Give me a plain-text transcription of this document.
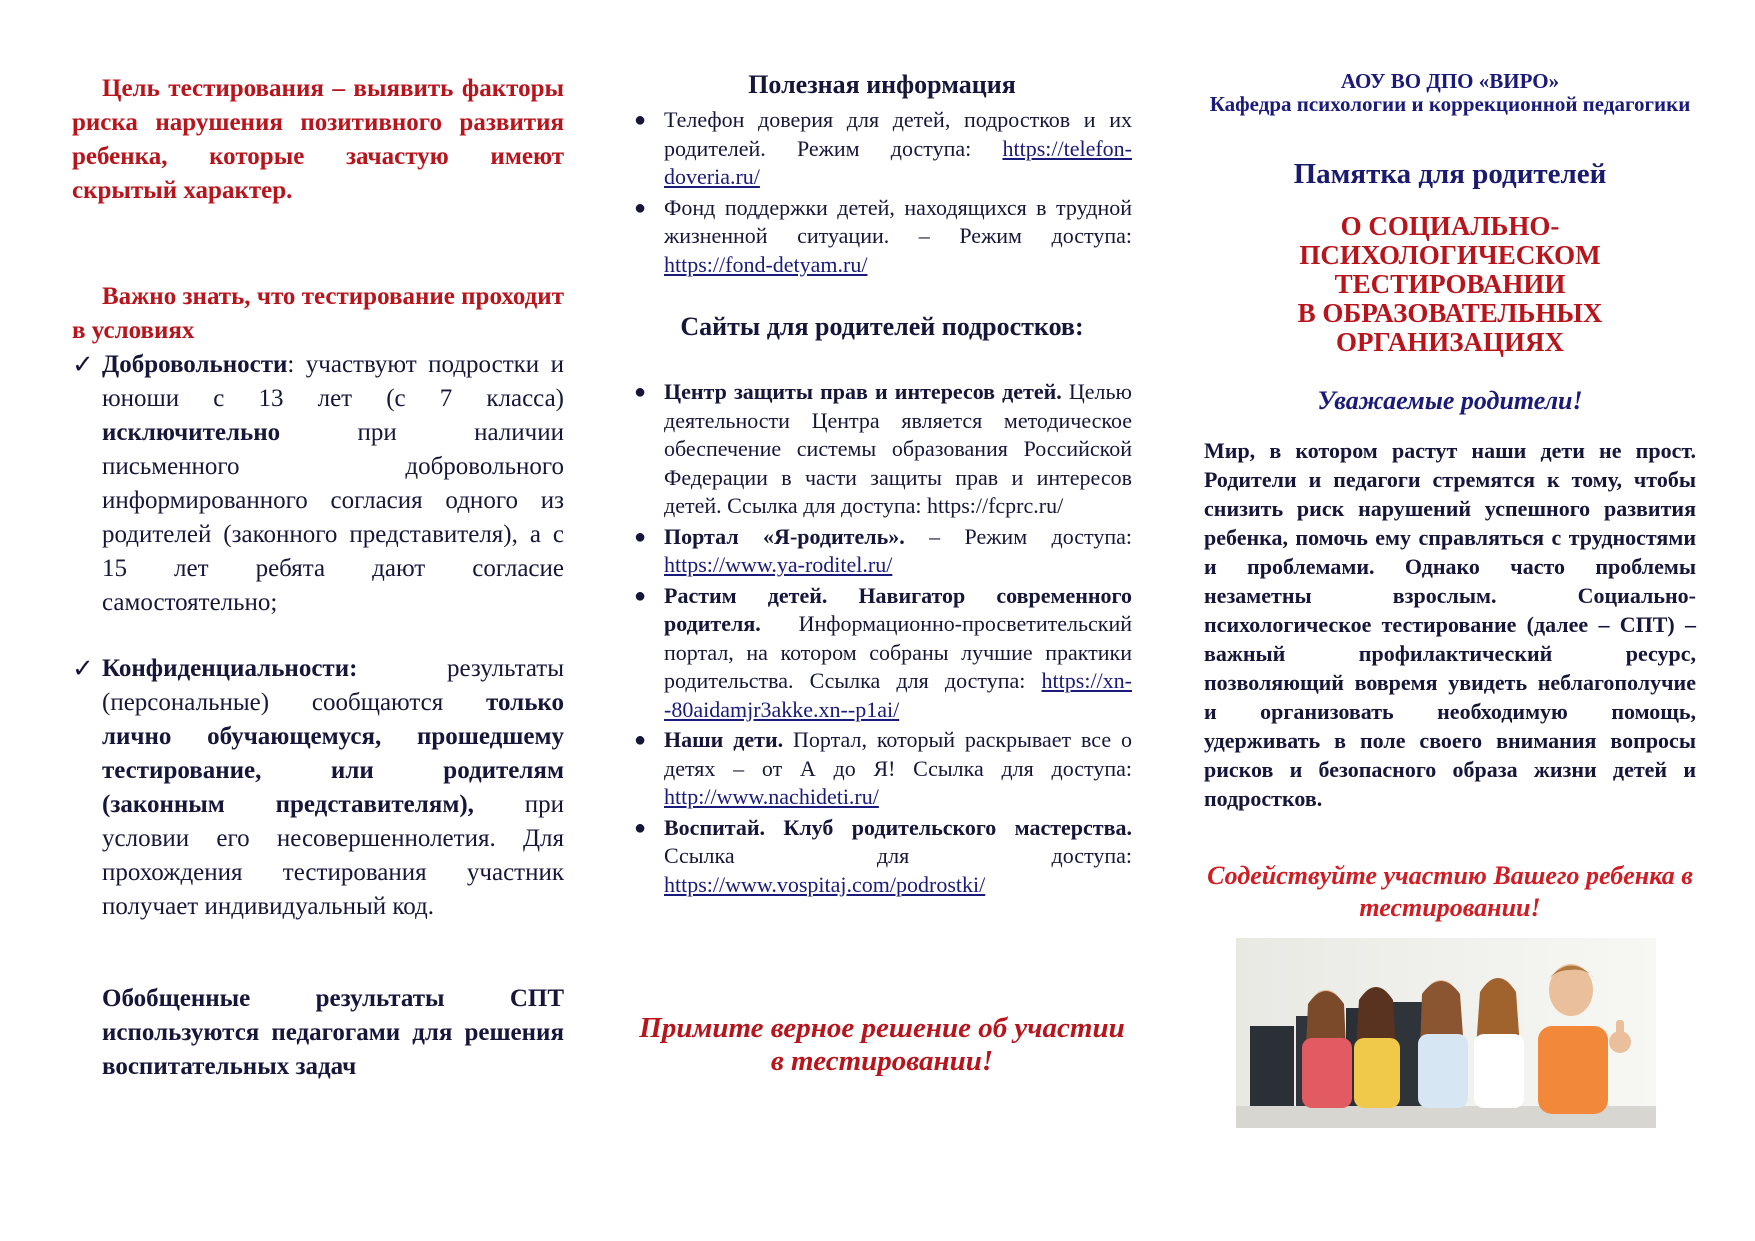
Цель тестирования – выявить факторы риска нарушения позитивного развития ребенка, которые зачастую имеют скрытый характер.

Важно знать, что тестирование проходит в условиях

✓ Добровольности: участвуют подростки и юноши с 13 лет (с 7 класса) исключительно при наличии письменного добровольного информированного согласия одного из родителей (законного представителя), а с 15 лет ребята дают согласие самостоятельно;
✓ Конфиденциальности: результаты (персональные) сообщаются только лично обучающемуся, прошедшему тестирование, или родителям (законным представителям), при условии его несовершеннолетия. Для прохождения тестирования участник получает индивидуальный код.

Обобщенные результаты СПТ используются педагогами для решения воспитательных задач

Полезная информация
● Телефон доверия для детей, подростков и их родителей. Режим доступа: https://telefon-doveria.ru/
● Фонд поддержки детей, находящихся в трудной жизненной ситуации. – Режим доступа: https://fond-detyam.ru/
Сайты для родителей подростков:
● Центр защиты прав и интересов детей. Целью деятельности Центра является методическое обеспечение системы образования Российской Федерации в части защиты прав и интересов детей. Ссылка для доступа: https://fcprc.ru/
● Портал «Я-родитель». – Режим доступа: https://www.ya-roditel.ru/
● Растим детей. Навигатор современного родителя. Информационно-просветительский портал, на котором собраны лучшие практики родительства. Ссылка для доступа: https://xn--80aidamjr3akke.xn--p1ai/
● Наши дети. Портал, который раскрывает все о детях – от А до Я! Ссылка для доступа: http://www.nachideti.ru/
● Воспитай. Клуб родительского мастерства. Ссылка для доступа: https://www.vospitaj.com/podrostki/

Примите верное решение об участии в тестировании!

АОУ ВО ДПО «ВИРО»
Кафедра психологии и коррекционной педагогики
Памятка для родителей
О СОЦИАЛЬНО-
ПСИХОЛОГИЧЕСКОМ
ТЕСТИРОВАНИИ
В ОБРАЗОВАТЕЛЬНЫХ
ОРГАНИЗАЦИЯХ
Уважаемые родители!

Мир, в котором растут наши дети не прост. Родители и педагоги стремятся к тому, чтобы снизить риск нарушений успешного развития ребенка, помочь ему справляться с трудностями и проблемами. Однако часто проблемы незаметны взрослым. Социально-психологическое тестирование (далее – СПТ) – важный профилактический ресурс, позволяющий вовремя увидеть неблагополучие и организовать необходимую помощь, удерживать в поле своего внимания вопросы рисков и безопасного образа жизни детей и подростков.

Содействуйте участию Вашего ребенка в тестировании!
